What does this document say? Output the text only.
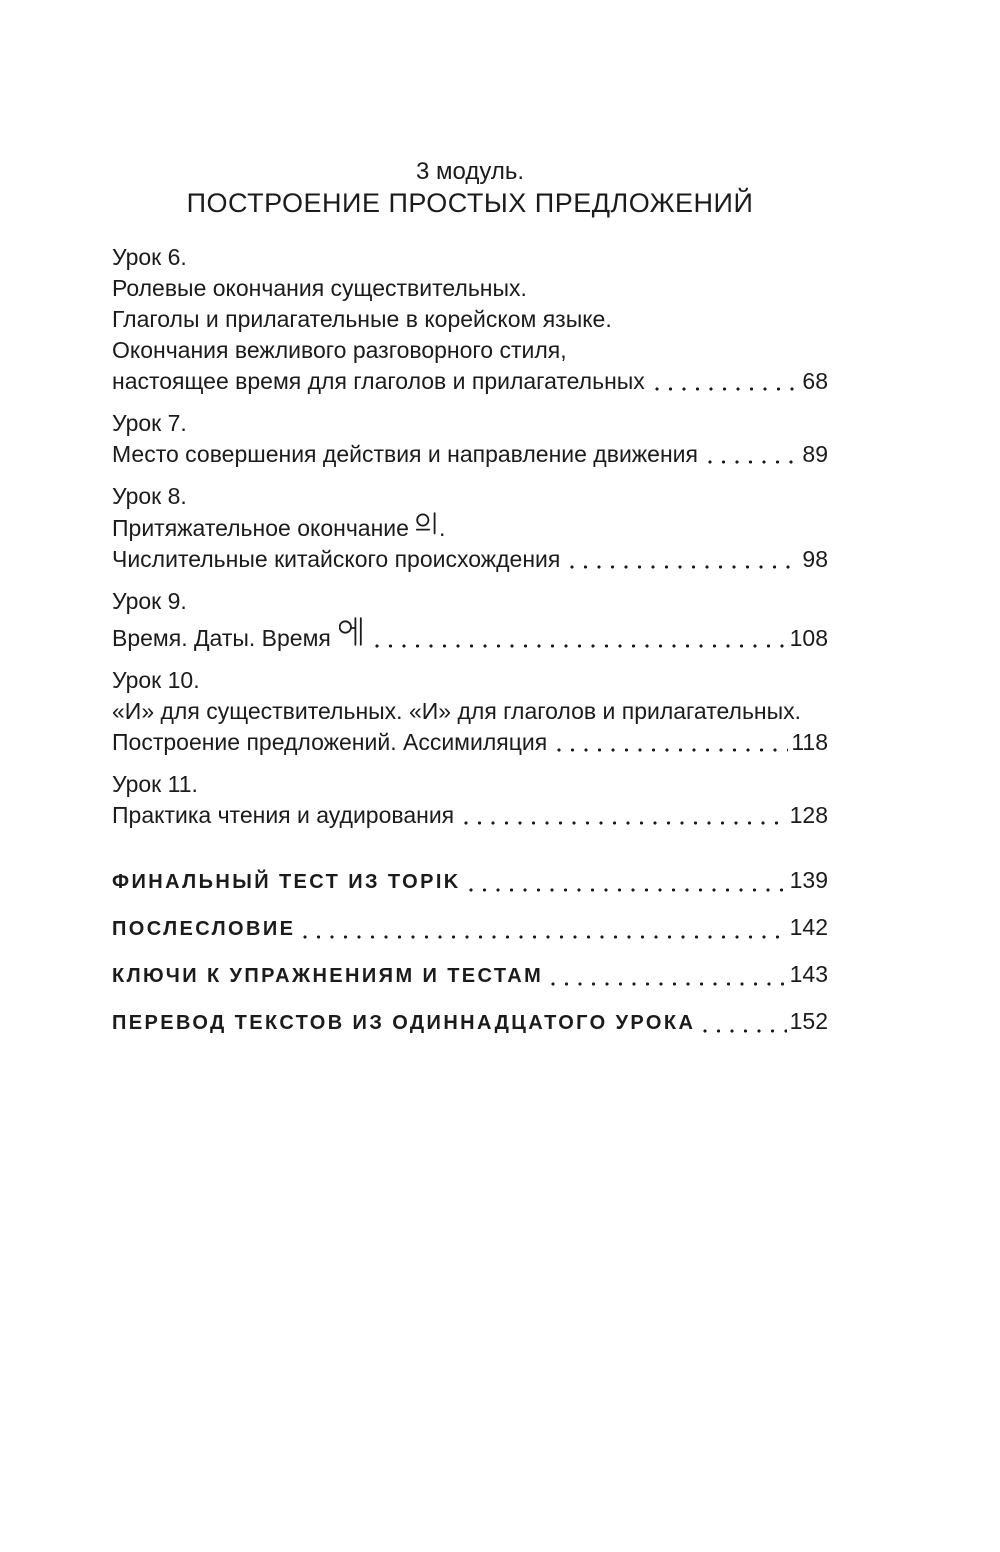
3 модуль.
ПОСТРОЕНИЕ ПРОСТЫХ ПРЕДЛОЖЕНИЙ
Урок 6.
Ролевые окончания существительных.
Глаголы и прилагательные в корейском языке.
Окончания вежливого разговорного стиля,
настоящее время для глаголов и прилагательных	68
Урок 7.
Место совершения действия и направление движения	89
Урок 8.
Притяжательное окончание .
Числительные китайского происхождения	98
Урок 9.
Время. Даты. Время	108
Урок 10.
«И» для существительных. «И» для глаголов и прилагательных.
Построение предложений. Ассимиляция	118
Урок 11.
Практика чтения и аудирования	128
ФИНАЛЬНЫЙ ТЕСТ ИЗ TOPIK	139
ПОСЛЕСЛОВИЕ	142
КЛЮЧИ К УПРАЖНЕНИЯМ И ТЕСТАМ	143
ПЕРЕВОД ТЕКСТОВ ИЗ ОДИННАДЦАТОГО УРОКА	152
